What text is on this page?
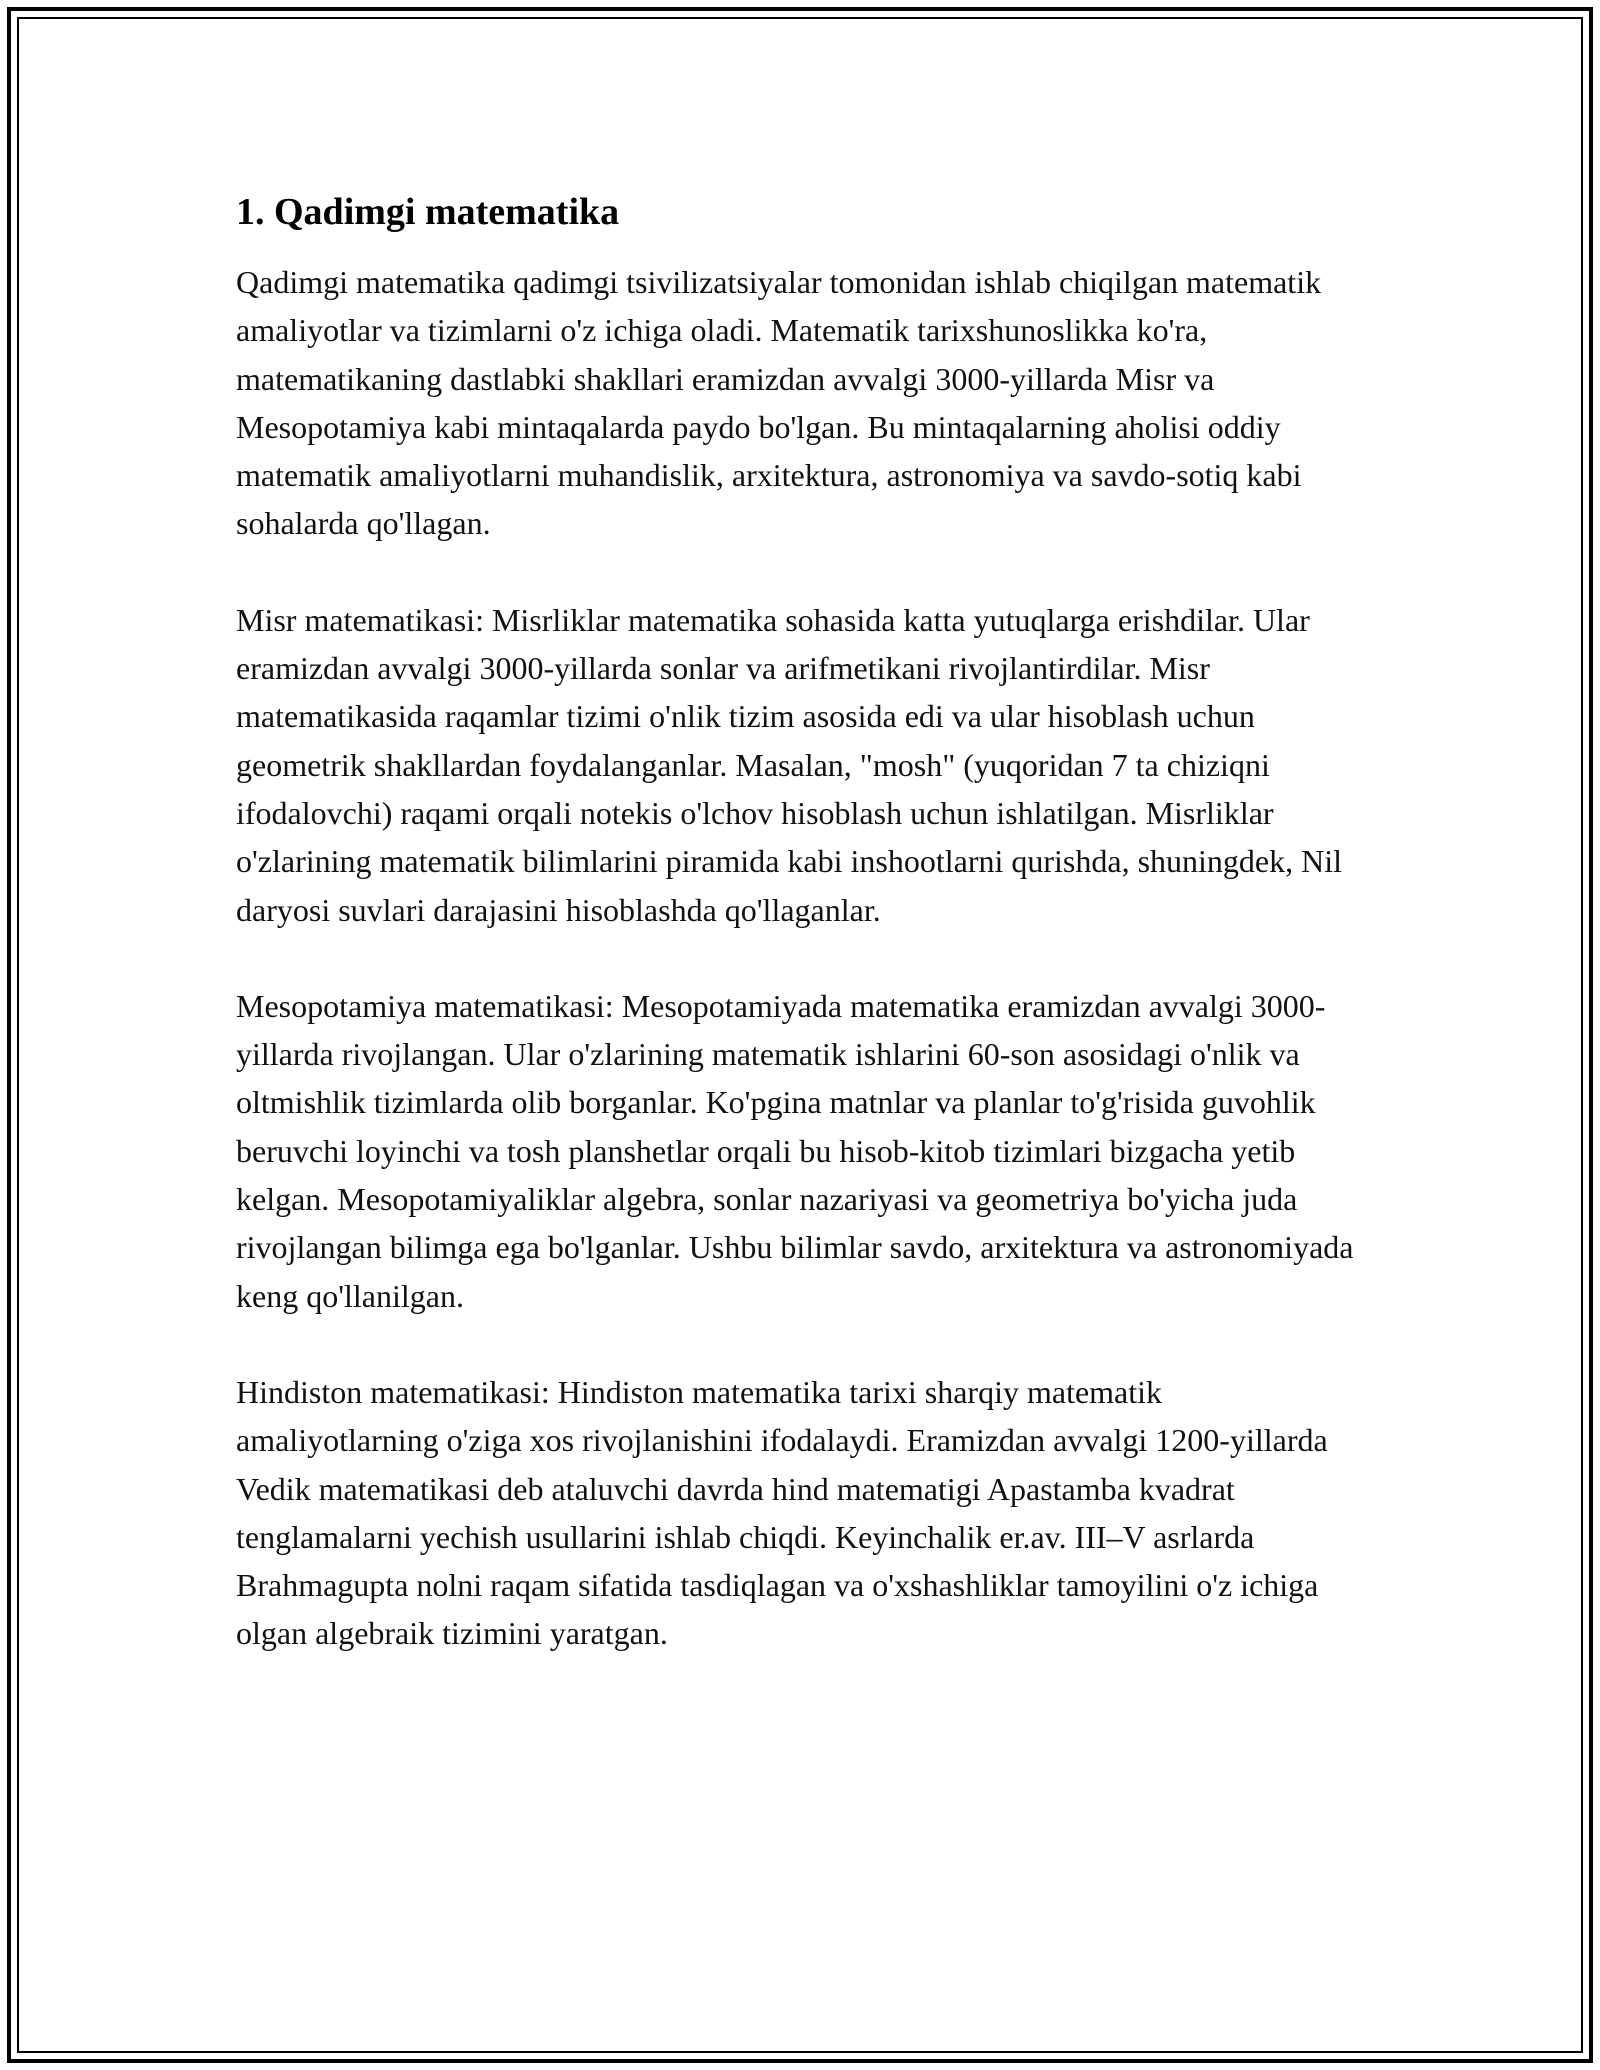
1. Qadimgi matematika

Qadimgi matematika qadimgi tsivilizatsiyalar tomonidan ishlab chiqilgan matematik amaliyotlar va tizimlarni o'z ichiga oladi. Matematik tarixshunoslikka ko'ra, matematikaning dastlabki shakllari eramizdan avvalgi 3000-yillarda Misr va Mesopotamiya kabi mintaqalarda paydo bo'lgan. Bu mintaqalarning aholisi oddiy matematik amaliyotlarni muhandislik, arxitektura, astronomiya va savdo-sotiq kabi sohalarda qo'llagan.

Misr matematikasi: Misrliklar matematika sohasida katta yutuqlarga erishdilar. Ular eramizdan avvalgi 3000-yillarda sonlar va arifmetikani rivojlantirdilar. Misr matematikasida raqamlar tizimi o'nlik tizim asosida edi va ular hisoblash uchun geometrik shakllardan foydalanganlar. Masalan, "mosh" (yuqoridan 7 ta chiziqni ifodalovchi) raqami orqali notekis o'lchov hisoblash uchun ishlatilgan. Misrliklar o'zlarining matematik bilimlarini piramida kabi inshootlarni qurishda, shuningdek, Nil daryosi suvlari darajasini hisoblashda qo'llaganlar.

Mesopotamiya matematikasi: Mesopotamiyada matematika eramizdan avvalgi 3000-yillarda rivojlangan. Ular o'zlarining matematik ishlarini 60-son asosidagi o'nlik va oltmishlik tizimlarda olib borganlar. Ko'pgina matnlar va planlar to'g'risida guvohlik beruvchi loyinchi va tosh planshetlar orqali bu hisob-kitob tizimlari bizgacha yetib kelgan. Mesopotamiyaliklar algebra, sonlar nazariyasi va geometriya bo'yicha juda rivojlangan bilimga ega bo'lganlar. Ushbu bilimlar savdo, arxitektura va astronomiyada keng qo'llanilgan.

Hindiston matematikasi: Hindiston matematika tarixi sharqiy matematik amaliyotlarning o'ziga xos rivojlanishini ifodalaydi. Eramizdan avvalgi 1200-yillarda Vedik matematikasi deb ataluvchi davrda hind matematigi Apastamba kvadrat tenglamalarni yechish usullarini ishlab chiqdi. Keyinchalik er.av. III–V asrlarda Brahmagupta nolni raqam sifatida tasdiqlagan va o'xshashliklar tamoyilini o'z ichiga olgan algebraik tizimini yaratgan.
